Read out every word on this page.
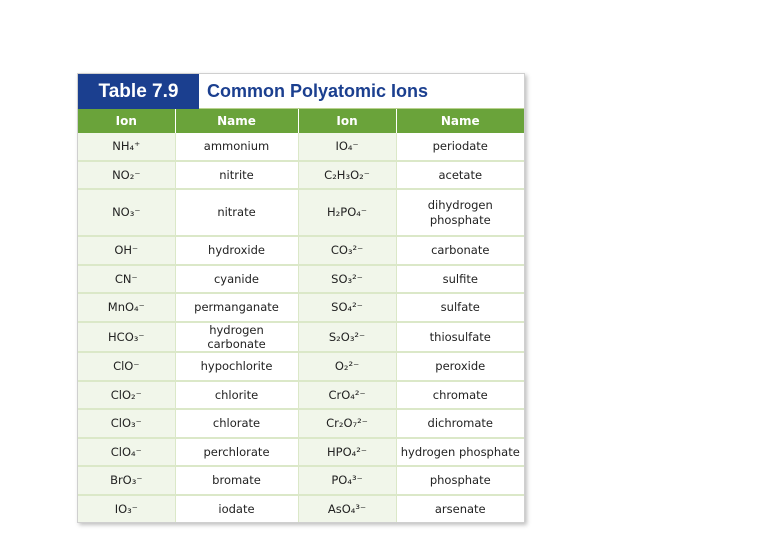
Table 7.9	Common Polyatomic Ions
Ion	Name	Ion	Name
NH₄⁺	ammonium	IO₄⁻	periodate
NO₂⁻	nitrite	C₂H₃O₂⁻	acetate
NO₃⁻	nitrate	H₂PO₄⁻	dihydrogen phosphate
OH⁻	hydroxide	CO₃²⁻	carbonate
CN⁻	cyanide	SO₃²⁻	sulfite
MnO₄⁻	permanganate	SO₄²⁻	sulfate
HCO₃⁻	hydrogen carbonate	S₂O₃²⁻	thiosulfate
ClO⁻	hypochlorite	O₂²⁻	peroxide
ClO₂⁻	chlorite	CrO₄²⁻	chromate
ClO₃⁻	chlorate	Cr₂O₇²⁻	dichromate
ClO₄⁻	perchlorate	HPO₄²⁻	hydrogen phosphate
BrO₃⁻	bromate	PO₄³⁻	phosphate
IO₃⁻	iodate	AsO₄³⁻	arsenate
